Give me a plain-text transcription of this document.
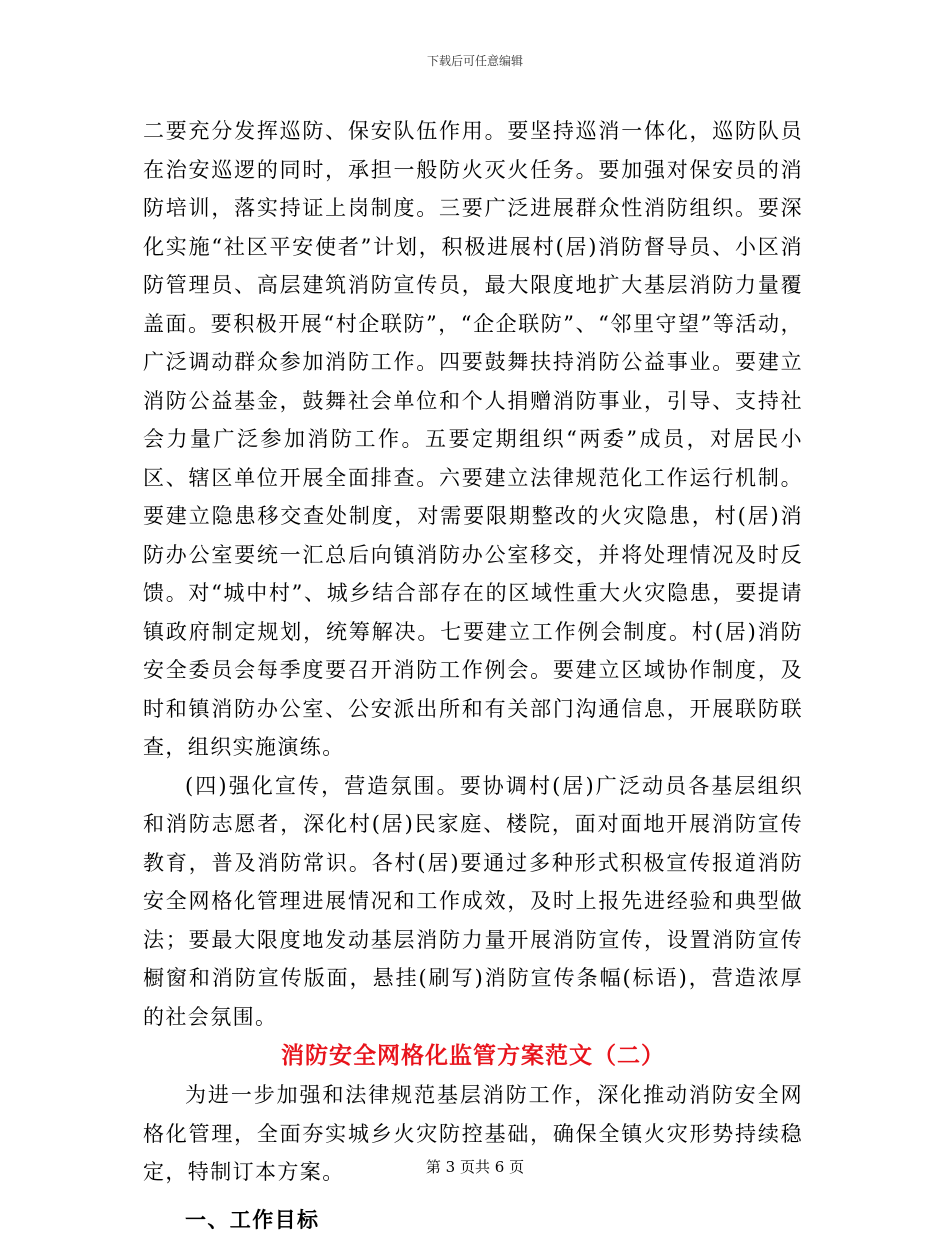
下载后可任意编辑

二要充分发挥巡防、保安队伍作用。要坚持巡消一体化，巡防队员在治安巡逻的同时，承担一般防火灭火任务。要加强对保安员的消防培训，落实持证上岗制度。三要广泛进展群众性消防组织。要深化实施“社区平安使者”计划，积极进展村(居)消防督导员、小区消防管理员、高层建筑消防宣传员，最大限度地扩大基层消防力量覆盖面。要积极开展“村企联防”，“企企联防”、“邻里守望”等活动，广泛调动群众参加消防工作。四要鼓舞扶持消防公益事业。要建立消防公益基金，鼓舞社会单位和个人捐赠消防事业，引导、支持社会力量广泛参加消防工作。五要定期组织“两委”成员，对居民小区、辖区单位开展全面排查。六要建立法律规范化工作运行机制。要建立隐患移交查处制度，对需要限期整改的火灾隐患，村(居)消防办公室要统一汇总后向镇消防办公室移交，并将处理情况及时反馈。对“城中村”、城乡结合部存在的区域性重大火灾隐患，要提请镇政府制定规划，统筹解决。七要建立工作例会制度。村(居)消防安全委员会每季度要召开消防工作例会。要建立区域协作制度，及时和镇消防办公室、公安派出所和有关部门沟通信息，开展联防联查，组织实施演练。

(四)强化宣传，营造氛围。要协调村(居)广泛动员各基层组织和消防志愿者，深化村(居)民家庭、楼院，面对面地开展消防宣传教育，普及消防常识。各村(居)要通过多种形式积极宣传报道消防安全网格化管理进展情况和工作成效，及时上报先进经验和典型做法；要最大限度地发动基层消防力量开展消防宣传，设置消防宣传橱窗和消防宣传版面，悬挂(刷写)消防宣传条幅(标语)，营造浓厚的社会氛围。

消防安全网格化监管方案范文（二）

为进一步加强和法律规范基层消防工作，深化推动消防安全网格化管理，全面夯实城乡火灾防控基础，确保全镇火灾形势持续稳定，特制订本方案。

一、工作目标

第 3 页共 6 页
